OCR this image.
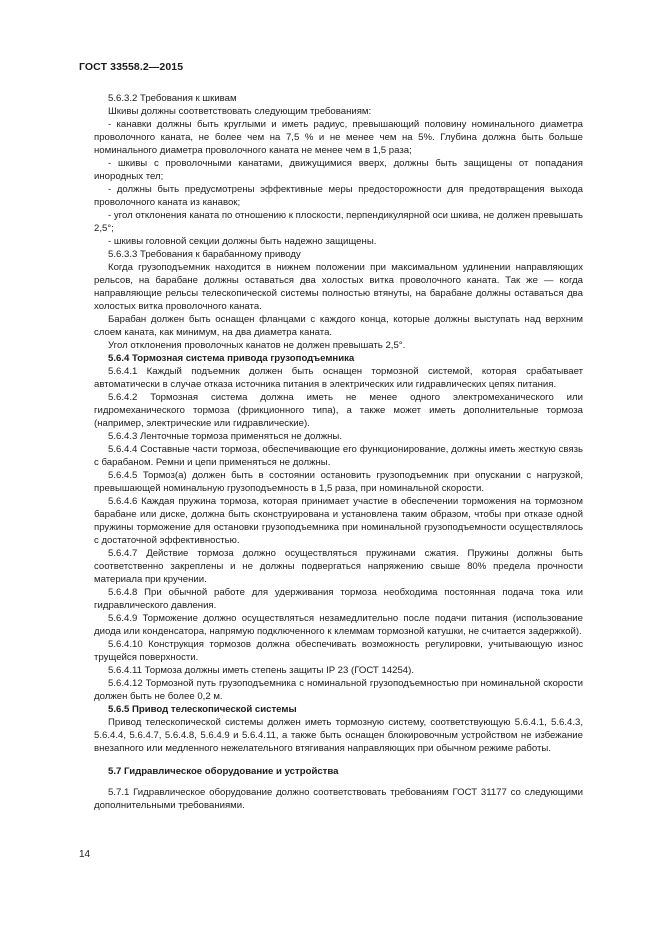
ГОСТ 33558.2—2015

5.6.3.2 Требования к шкивам

Шкивы должны соответствовать следующим требованиям:

- канавки должны быть круглыми и иметь радиус, превышающий половину номинального диаметра проволочного каната, не более чем на 7,5 % и не менее чем на 5%. Глубина должна быть больше номинального диаметра проволочного каната не менее чем в 1,5 раза;

- шкивы с проволочными канатами, движущимися вверх, должны быть защищены от попадания инородных тел;

- должны быть предусмотрены эффективные меры предосторожности для предотвращения выхода проволочного каната из канавок;

- угол отклонения каната по отношению к плоскости, перпендикулярной оси шкива, не должен превышать 2,5°;

- шкивы головной секции должны быть надежно защищены.

5.6.3.3 Требования к барабанному приводу

Когда грузоподъемник находится в нижнем положении при максимальном удлинении направляющих рельсов, на барабане должны оставаться два холостых витка проволочного каната. Так же — когда направляющие рельсы телескопической системы полностью втянуты, на барабане должны оставаться два холостых витка проволочного каната.

Барабан должен быть оснащен фланцами с каждого конца, которые должны выступать над верхним слоем каната, как минимум, на два диаметра каната.

Угол отклонения проволочных канатов не должен превышать 2,5°.

5.6.4 Тормозная система привода грузоподъемника

5.6.4.1 Каждый подъемник должен быть оснащен тормозной системой, которая срабатывает автоматически в случае отказа источника питания в электрических или гидравлических цепях питания.

5.6.4.2 Тормозная система должна иметь не менее одного электромеханического или гидромеханического тормоза (фрикционного типа), а также может иметь дополнительные тормоза (например, электрические или гидравлические).

5.6.4.3 Ленточные тормоза применяться не должны.

5.6.4.4 Составные части тормоза, обеспечивающие его функционирование, должны иметь жесткую связь с барабаном. Ремни и цепи применяться не должны.

5.6.4.5 Тормоз(а) должен быть в состоянии остановить грузоподъемник при опускании с нагрузкой, превышающей номинальную грузоподъемность в 1,5 раза, при номинальной скорости.

5.6.4.6 Каждая пружина тормоза, которая принимает участие в обеспечении торможения на тормозном барабане или диске, должна быть сконструирована и установлена таким образом, чтобы при отказе одной пружины торможение для остановки грузоподъемника при номинальной грузоподъемности осуществлялось с достаточной эффективностью.

5.6.4.7 Действие тормоза должно осуществляться пружинами сжатия. Пружины должны быть соответственно закреплены и не должны подвергаться напряжению свыше 80% предела прочности материала при кручении.

5.6.4.8 При обычной работе для удерживания тормоза необходима постоянная подача тока или гидравлического давления.

5.6.4.9 Торможение должно осуществляться незамедлительно после подачи питания (использование диода или конденсатора, напрямую подключенного к клеммам тормозной катушки, не считается задержкой).

5.6.4.10 Конструкция тормозов должна обеспечивать возможность регулировки, учитывающую износ трущейся поверхности.

5.6.4.11 Тормоза должны иметь степень защиты IP 23 (ГОСТ 14254).

5.6.4.12 Тормозной путь грузоподъемника с номинальной грузоподъемностью при номинальной скорости должен быть не более 0,2 м.

5.6.5 Привод телескопической системы

Привод телескопической системы должен иметь тормозную систему, соответствующую 5.6.4.1, 5.6.4.3, 5.6.4.4, 5.6.4.7, 5.6.4.8, 5.6.4.9 и 5.6.4.11, а также быть оснащен блокировочным устройством не избежание внезапного или медленного нежелательного втягивания направляющих при обычном режиме работы.

5.7 Гидравлическое оборудование и устройства

5.7.1 Гидравлическое оборудование должно соответствовать требованиям ГОСТ 31177 со следующими дополнительными требованиями.

14
